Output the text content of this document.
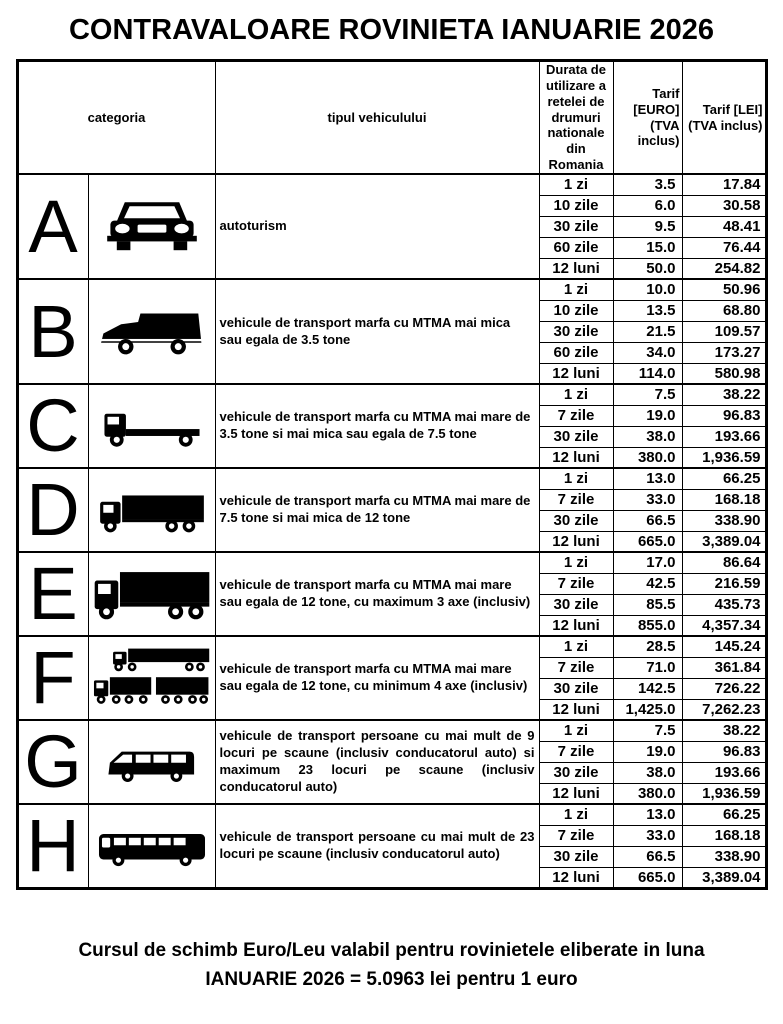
CONTRAVALOARE ROVINIETA IANUARIE 2026
categoria		tipul vehiculului	Durata de utilizare a retelei de drumuri nationale din Romania	Tarif [EURO] (TVA inclus)	Tarif [LEI] (TVA inclus)
A		autoturism	1 zi	3.5	17.84
			10 zile	6.0	30.58
			30 zile	9.5	48.41
			60 zile	15.0	76.44
			12 luni	50.0	254.82
B		vehicule de transport marfa cu MTMA mai mica sau egala de 3.5 tone	1 zi	10.0	50.96
			10 zile	13.5	68.80
			30 zile	21.5	109.57
			60 zile	34.0	173.27
			12 luni	114.0	580.98
C		vehicule de transport marfa cu MTMA mai mare de 3.5 tone si mai mica sau egala de 7.5 tone	1 zi	7.5	38.22
			7 zile	19.0	96.83
			30 zile	38.0	193.66
			12 luni	380.0	1,936.59
D		vehicule de transport marfa cu MTMA mai mare de 7.5 tone si mai mica de 12 tone	1 zi	13.0	66.25
			7 zile	33.0	168.18
			30 zile	66.5	338.90
			12 luni	665.0	3,389.04
E		vehicule de transport marfa cu MTMA mai mare sau egala de 12 tone, cu maximum 3 axe (inclusiv)	1 zi	17.0	86.64
			7 zile	42.5	216.59
			30 zile	85.5	435.73
			12 luni	855.0	4,357.34
F		vehicule de transport marfa cu MTMA mai mare sau egala de 12 tone, cu minimum 4 axe (inclusiv)	1 zi	28.5	145.24
			7 zile	71.0	361.84
			30 zile	142.5	726.22
			12 luni	1,425.0	7,262.23
G		vehicule de transport persoane cu mai mult de 9 locuri pe scaune (inclusiv conducatorul auto) si maximum 23 locuri pe scaune (inclusiv conducatorul auto)	1 zi	7.5	38.22
			7 zile	19.0	96.83
			30 zile	38.0	193.66
			12 luni	380.0	1,936.59
H		vehicule de transport persoane cu mai mult de 23 locuri pe scaune (inclusiv conducatorul auto)	1 zi	13.0	66.25
			7 zile	33.0	168.18
			30 zile	66.5	338.90
			12 luni	665.0	3,389.04
Cursul de schimb Euro/Leu valabil pentru rovinietele eliberate in luna
IANUARIE 2026 = 5.0963 lei pentru 1 euro
